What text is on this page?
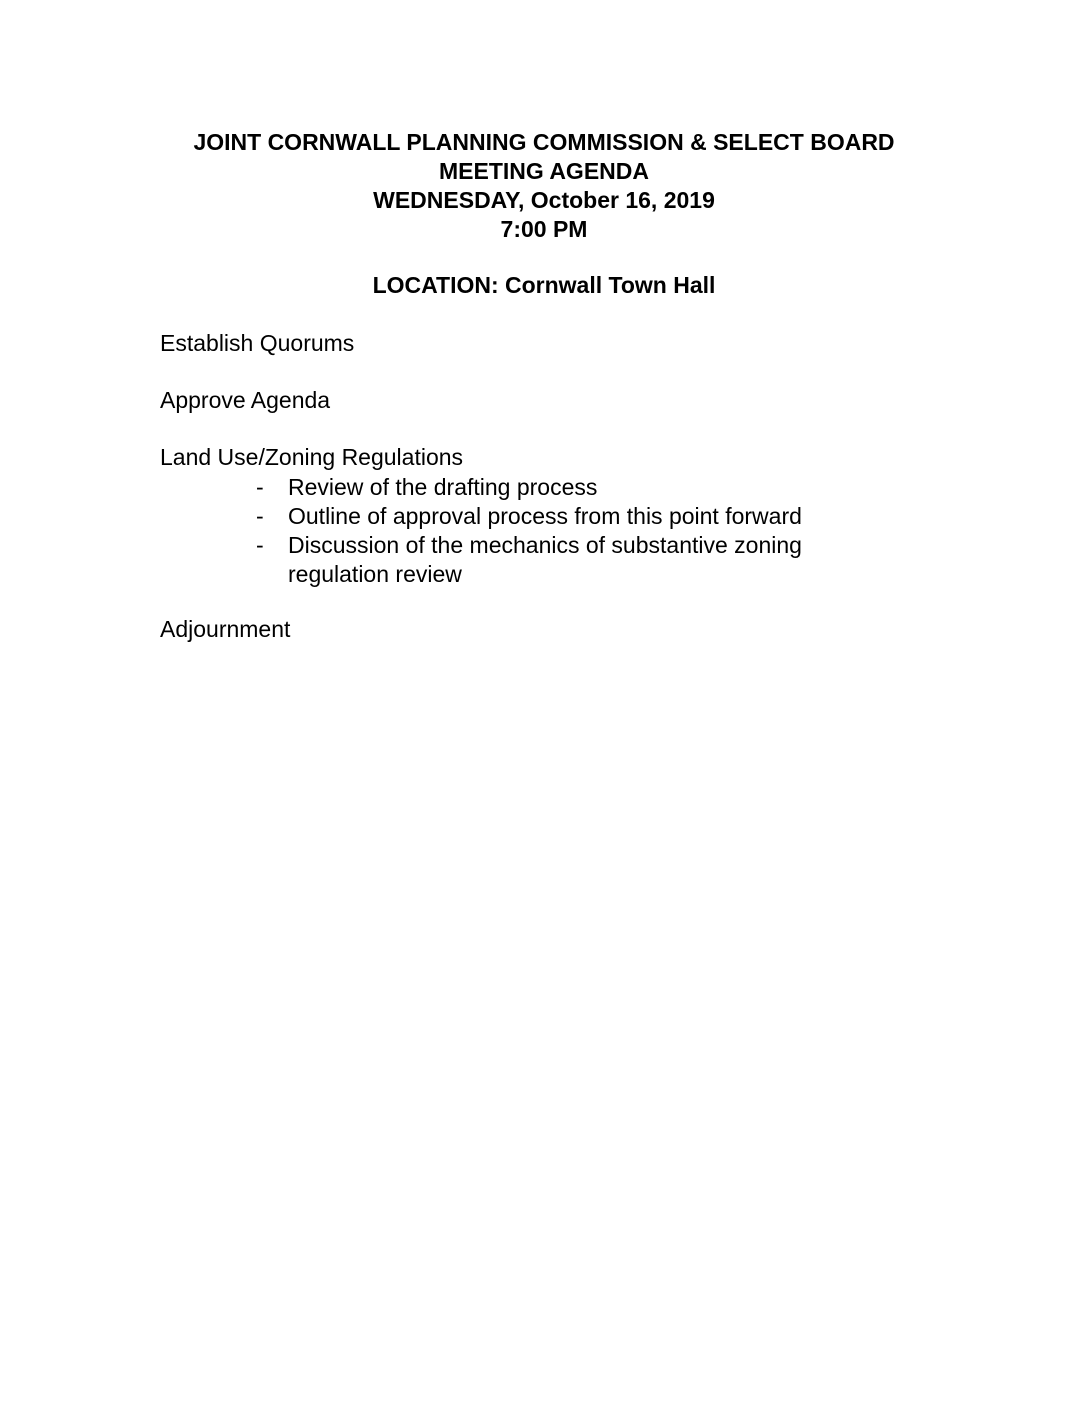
JOINT CORNWALL PLANNING COMMISSION & SELECT BOARD
MEETING AGENDA
WEDNESDAY, October 16, 2019
7:00 PM
LOCATION: Cornwall Town Hall
Establish Quorums
Approve Agenda
Land Use/Zoning Regulations
- Review of the drafting process
- Outline of approval process from this point forward
- Discussion of the mechanics of substantive zoning regulation review
Adjournment
